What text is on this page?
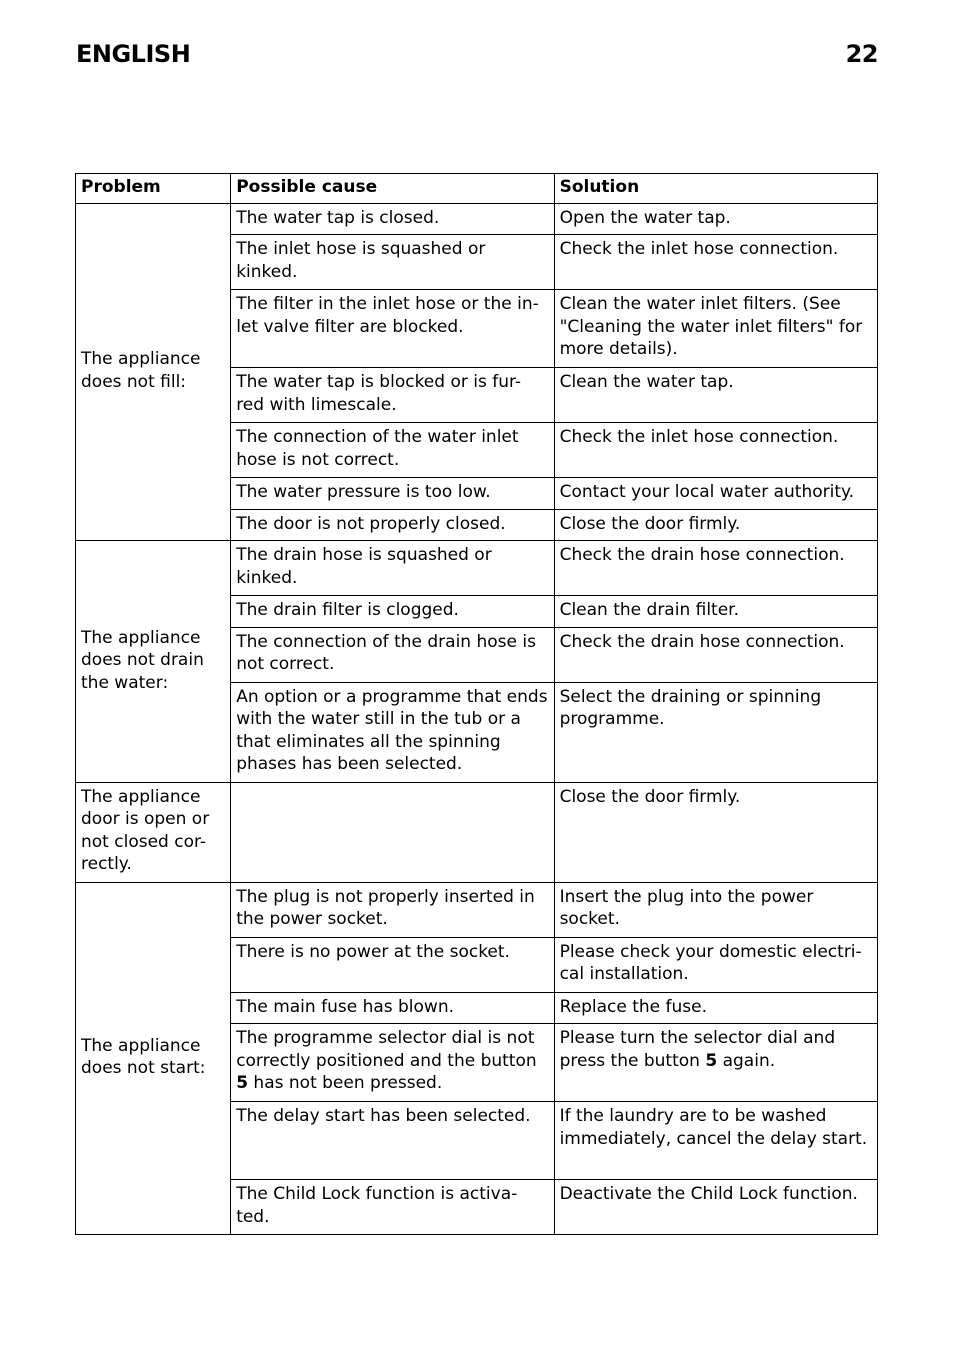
ENGLISH	22
Problem	Possible cause	Solution
The appliance does not fill:	The water tap is closed.	Open the water tap.
	The inlet hose is squashed or kinked.	Check the inlet hose connection.
	The filter in the inlet hose or the in-let valve filter are blocked.	Clean the water inlet filters. (See "Cleaning the water inlet filters" for more details).
	The water tap is blocked or is fur-red with limescale.	Clean the water tap.
	The connection of the water inlet hose is not correct.	Check the inlet hose connection.
	The water pressure is too low.	Contact your local water authority.
	The door is not properly closed.	Close the door firmly.
The appliance does not drain the water:	The drain hose is squashed or kinked.	Check the drain hose connection.
	The drain filter is clogged.	Clean the drain filter.
	The connection of the drain hose is not correct.	Check the drain hose connection.
	An option or a programme that ends with the water still in the tub or a that eliminates all the spinning phases has been selected.	Select the draining or spinning programme.
The appliance door is open or not closed cor-rectly.		Close the door firmly.
The appliance does not start:	The plug is not properly inserted in the power socket.	Insert the plug into the power socket.
	There is no power at the socket.	Please check your domestic electri-cal installation.
	The main fuse has blown.	Replace the fuse.
	The programme selector dial is not correctly positioned and the button 5 has not been pressed.	Please turn the selector dial and press the button 5 again.
	The delay start has been selected.	If the laundry are to be washed immediately, cancel the delay start.
	The Child Lock function is activa-ted.	Deactivate the Child Lock function.
